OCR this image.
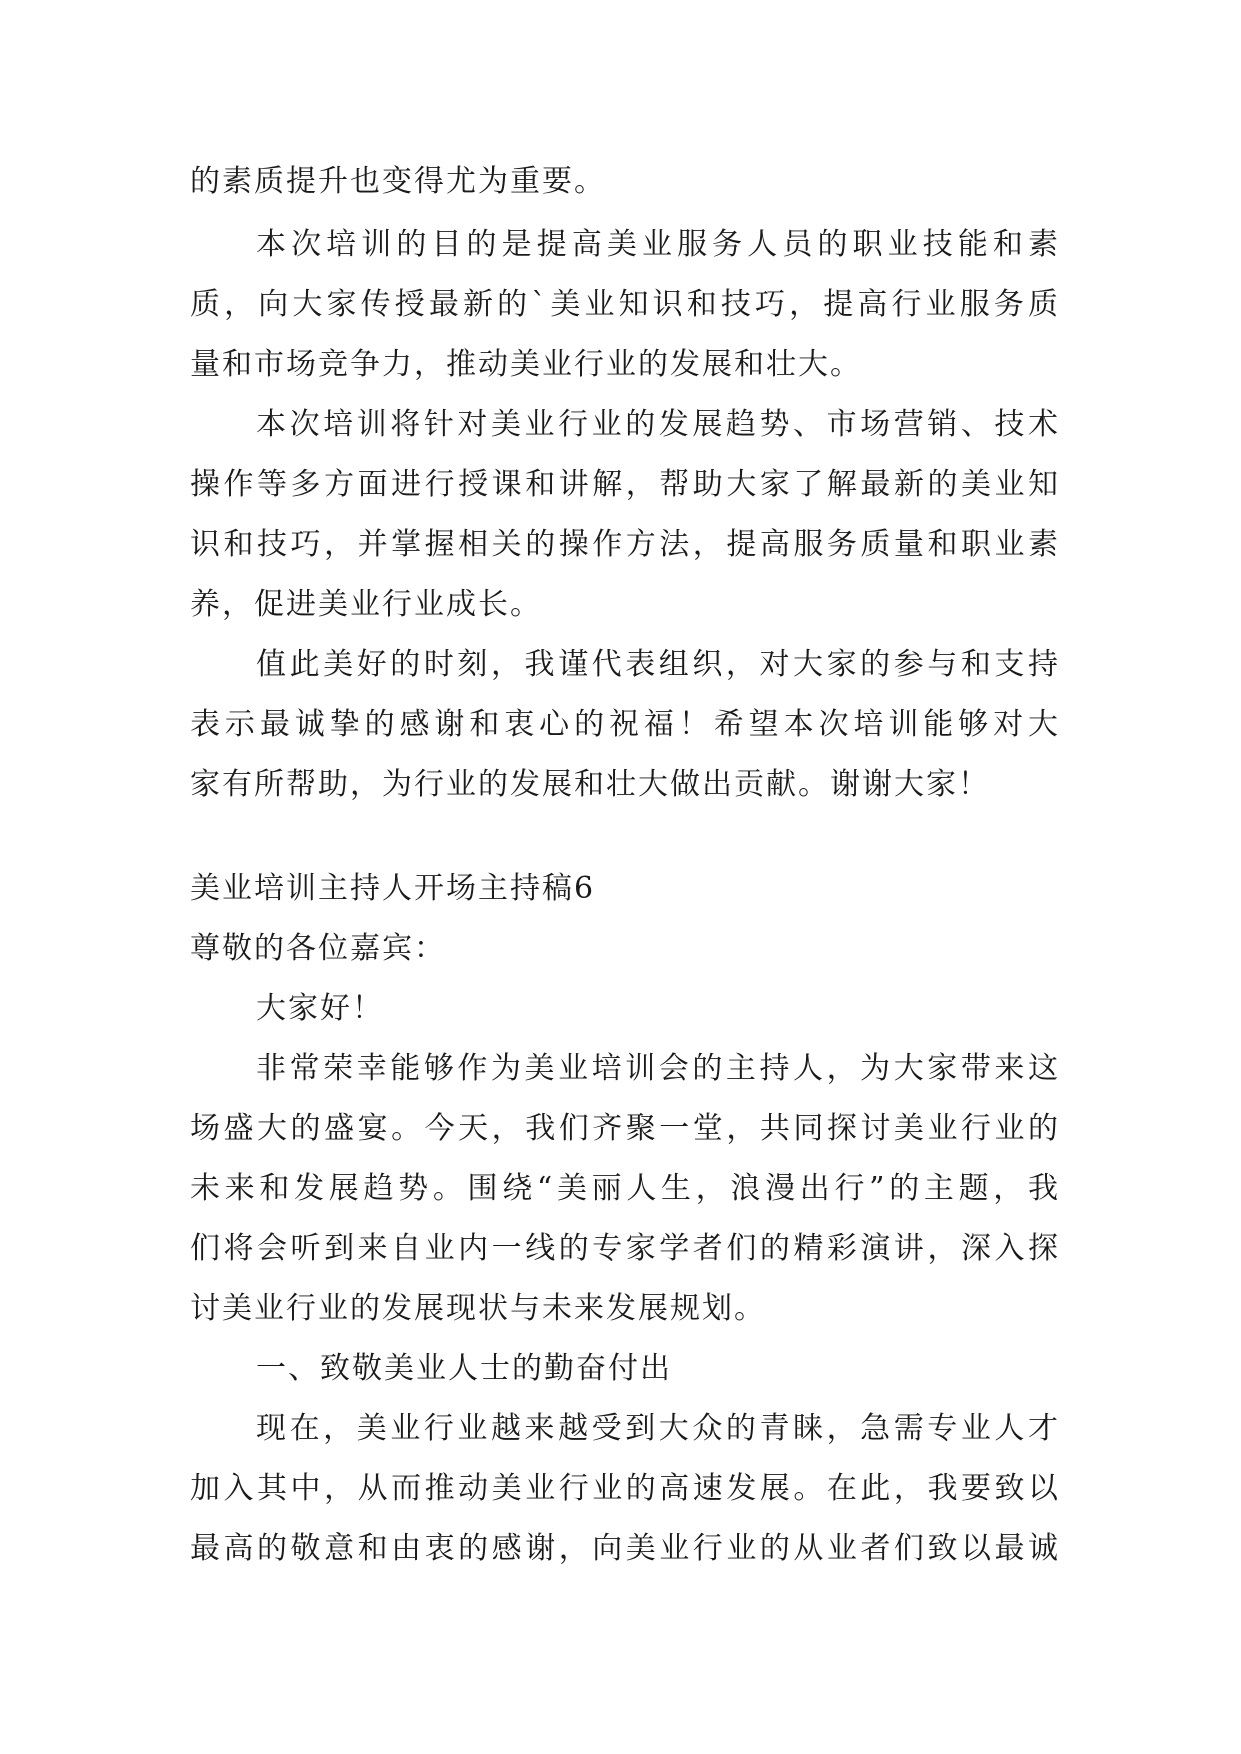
的素质提升也变得尤为重要。
本次培训的目的是提高美业服务人员的职业技能和素
质，向大家传授最新的`美业知识和技巧，提高行业服务质
量和市场竞争力，推动美业行业的发展和壮大。
本次培训将针对美业行业的发展趋势、市场营销、技术
操作等多方面进行授课和讲解，帮助大家了解最新的美业知
识和技巧，并掌握相关的操作方法，提高服务质量和职业素
养，促进美业行业成长。
值此美好的时刻，我谨代表组织，对大家的参与和支持
表示最诚挚的感谢和衷心的祝福！希望本次培训能够对大
家有所帮助，为行业的发展和壮大做出贡献。谢谢大家！
美业培训主持人开场主持稿6
尊敬的各位嘉宾：
大家好！
非常荣幸能够作为美业培训会的主持人，为大家带来这
场盛大的盛宴。今天，我们齐聚一堂，共同探讨美业行业的
未来和发展趋势。围绕“美丽人生，浪漫出行”的主题，我
们将会听到来自业内一线的专家学者们的精彩演讲，深入探
讨美业行业的发展现状与未来发展规划。
一、致敬美业人士的勤奋付出
现在，美业行业越来越受到大众的青睐，急需专业人才
加入其中，从而推动美业行业的高速发展。在此，我要致以
最高的敬意和由衷的感谢，向美业行业的从业者们致以最诚
